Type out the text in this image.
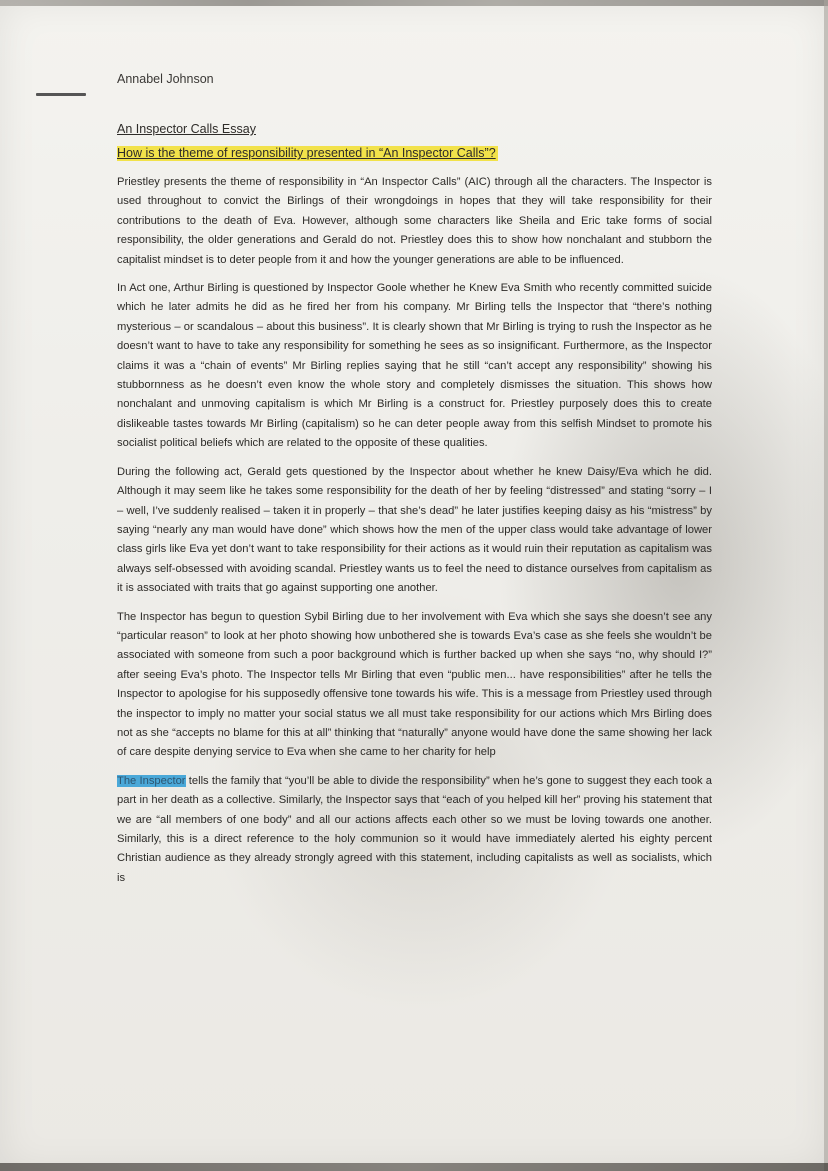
Annabel Johnson
An Inspector Calls Essay
How is the theme of responsibility presented in “An Inspector Calls”?

Priestley presents the theme of responsibility in “An Inspector Calls” (AIC) through all the characters. The Inspector is used throughout to convict the Birlings of their wrongdoings in hopes that they will take responsibility for their contributions to the death of Eva. However, although some characters like Sheila and Eric take forms of social responsibility, the older generations and Gerald do not. Priestley does this to show how nonchalant and stubborn the capitalist mindset is to deter people from it and how the younger generations are able to be influenced.

In Act one, Arthur Birling is questioned by Inspector Goole whether he Knew Eva Smith who recently committed suicide which he later admits he did as he fired her from his company. Mr Birling tells the Inspector that “there’s nothing mysterious – or scandalous – about this business”. It is clearly shown that Mr Birling is trying to rush the Inspector as he doesn’t want to have to take any responsibility for something he sees as so insignificant. Furthermore, as the Inspector claims it was a “chain of events” Mr Birling replies saying that he still “can’t accept any responsibility” showing his stubbornness as he doesn’t even know the whole story and completely dismisses the situation. This shows how nonchalant and unmoving capitalism is which Mr Birling is a construct for. Priestley purposely does this to create dislikeable tastes towards Mr Birling (capitalism) so he can deter people away from this selfish Mindset to promote his socialist political beliefs which are related to the opposite of these qualities.

During the following act, Gerald gets questioned by the Inspector about whether he knew Daisy/Eva which he did. Although it may seem like he takes some responsibility for the death of her by feeling “distressed” and stating “sorry – I – well, I’ve suddenly realised – taken it in properly – that she’s dead” he later justifies keeping daisy as his “mistress” by saying “nearly any man would have done” which shows how the men of the upper class would take advantage of lower class girls like Eva yet don’t want to take responsibility for their actions as it would ruin their reputation as capitalism was always self-obsessed with avoiding scandal. Priestley wants us to feel the need to distance ourselves from capitalism as it is associated with traits that go against supporting one another.

The Inspector has begun to question Sybil Birling due to her involvement with Eva which she says she doesn’t see any “particular reason” to look at her photo showing how unbothered she is towards Eva’s case as she feels she wouldn’t be associated with someone from such a poor background which is further backed up when she says “no, why should I?” after seeing Eva’s photo. The Inspector tells Mr Birling that even “public men... have responsibilities” after he tells the Inspector to apologise for his supposedly offensive tone towards his wife. This is a message from Priestley used through the inspector to imply no matter your social status we all must take responsibility for our actions which Mrs Birling does not as she “accepts no blame for this at all” thinking that “naturally” anyone would have done the same showing her lack of care despite denying service to Eva when she came to her charity for help

The Inspector tells the family that “you’ll be able to divide the responsibility” when he’s gone to suggest they each took a part in her death as a collective. Similarly, the Inspector says that “each of you helped kill her” proving his statement that we are “all members of one body” and all our actions affects each other so we must be loving towards one another. Similarly, this is a direct reference to the holy communion so it would have immediately alerted his eighty percent Christian audience as they already strongly agreed with this statement, including capitalists as well as socialists, which is
